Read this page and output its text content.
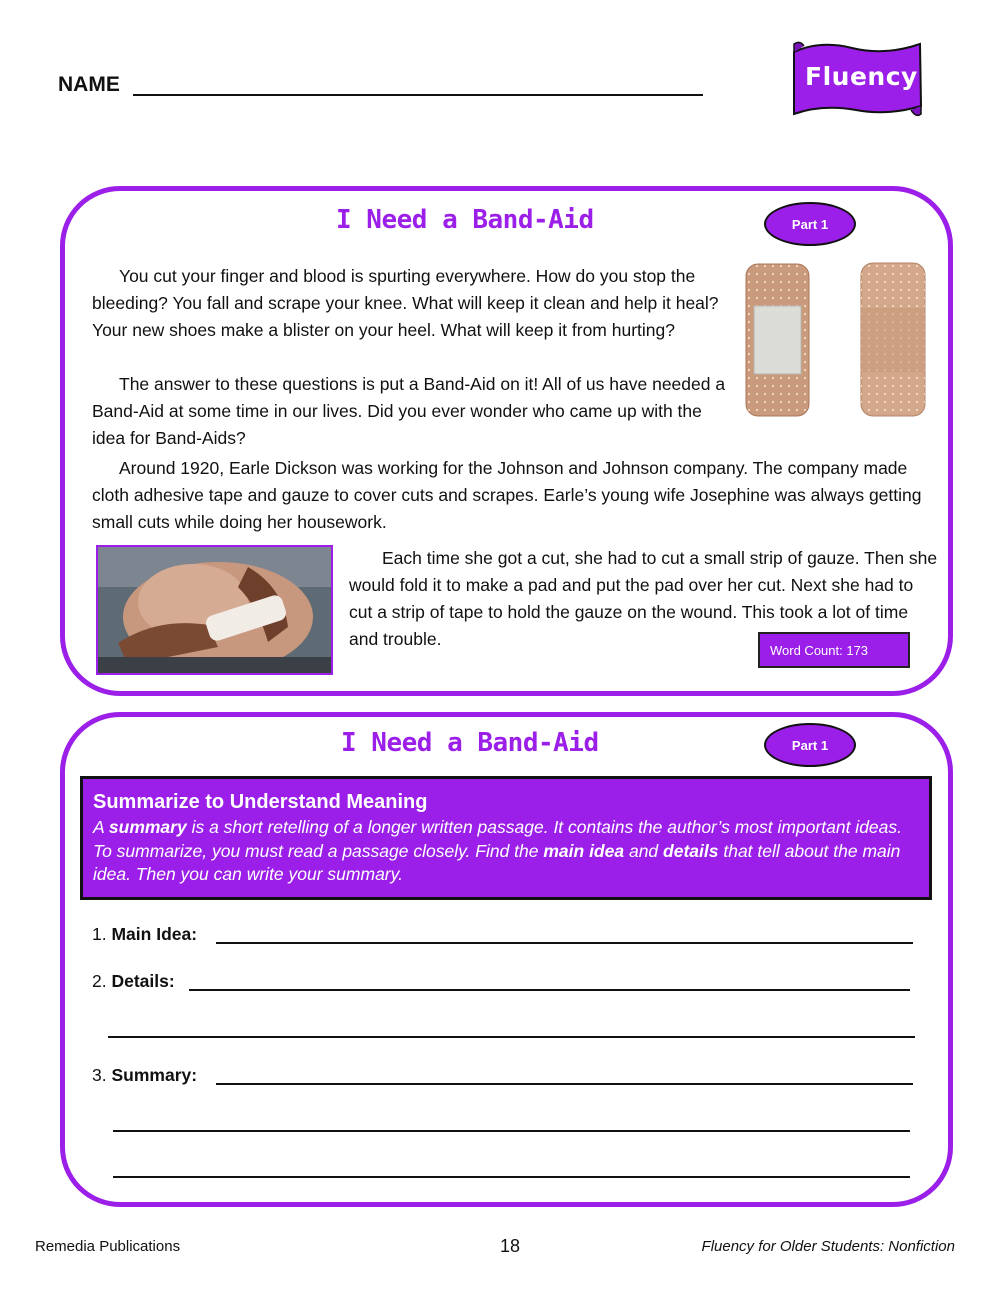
NAME	Fluency
I Need a Band-Aid	Part 1

You cut your finger and blood is spurting everywhere. How do you stop the bleeding? You fall and scrape your knee. What will keep it clean and help it heal? Your new shoes make a blister on your heel. What will keep it from hurting?

The answer to these questions is put a Band-Aid on it! All of us have needed a Band-Aid at some time in our lives. Did you ever wonder who came up with the idea for Band-Aids?

Around 1920, Earle Dickson was working for the Johnson and Johnson company. The company made cloth adhesive tape and gauze to cover cuts and scrapes. Earle’s young wife Josephine was always getting small cuts while doing her housework.

Each time she got a cut, she had to cut a small strip of gauze. Then she would fold it to make a pad and put the pad over her cut. Next she had to cut a strip of tape to hold the gauze on the wound. This took a lot of time and trouble.

Word Count: 173
I Need a Band-Aid	Part 1
Summarize to Understand Meaning
A summary is a short retelling of a longer written passage. It contains the author’s most important ideas. To summarize, you must read a passage closely. Find the main idea and details that tell about the main idea. Then you can write your summary.
1. Main Idea:
2. Details:
3. Summary:
Remedia Publications	18	Fluency for Older Students: Nonfiction
